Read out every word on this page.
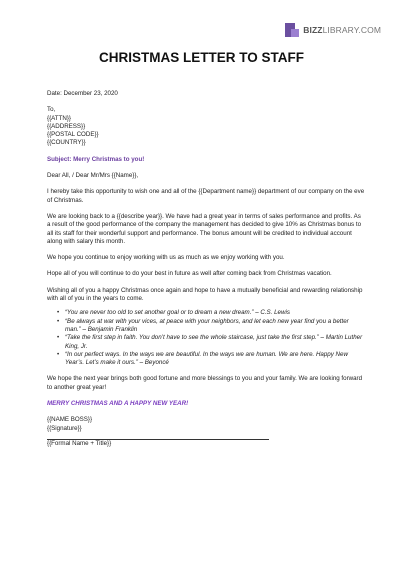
BIZZLIBRARY.COM
CHRISTMAS LETTER TO STAFF

Date: December 23, 2020

To,

{{ATTN}}

{{ADDRESS}}

{{POSTAL CODE}}

{{COUNTRY}}

Subject: Merry Christmas to you!

Dear All, / Dear Mr/Mrs {{Name}},

I hereby take this opportunity to wish one and all of the {{Department name}} department of our company on the eve of Christmas.

We are looking back to a {{describe year}}. We have had a great year in terms of sales performance and profits. As a result of the good performance of the company the management has decided to give 10% as Christmas bonus to all its staff for their wonderful support and performance. The bonus amount will be credited to individual account along with salary this month.

We hope you continue to enjoy working with us as much as we enjoy working with you.

Hope all of you will continue to do your best in future as well after coming back from Christmas vacation.

Wishing all of you a happy Christmas once again and hope to have a mutually beneficial and rewarding relationship with all of you in the years to come.

• “You are never too old to set another goal or to dream a new dream.” – C.S. Lewis
• “Be always at war with your vices, at peace with your neighbors, and let each new year find you a better man.” – Benjamin Franklin
• “Take the first step in faith. You don’t have to see the whole staircase, just take the first step.” – Martin Luther King, Jr.
• “In our perfect ways. In the ways we are beautiful. In the ways we are human. We are here. Happy New Year’s. Let’s make it ours.” – Beyoncé

We hope the next year brings both good fortune and more blessings to you and your family. We are looking forward to another great year!

MERRY CHRISTMAS AND A HAPPY NEW YEAR!

{{NAME BOSS}}

{{Signature}}

{{Formal Name + Title}}
